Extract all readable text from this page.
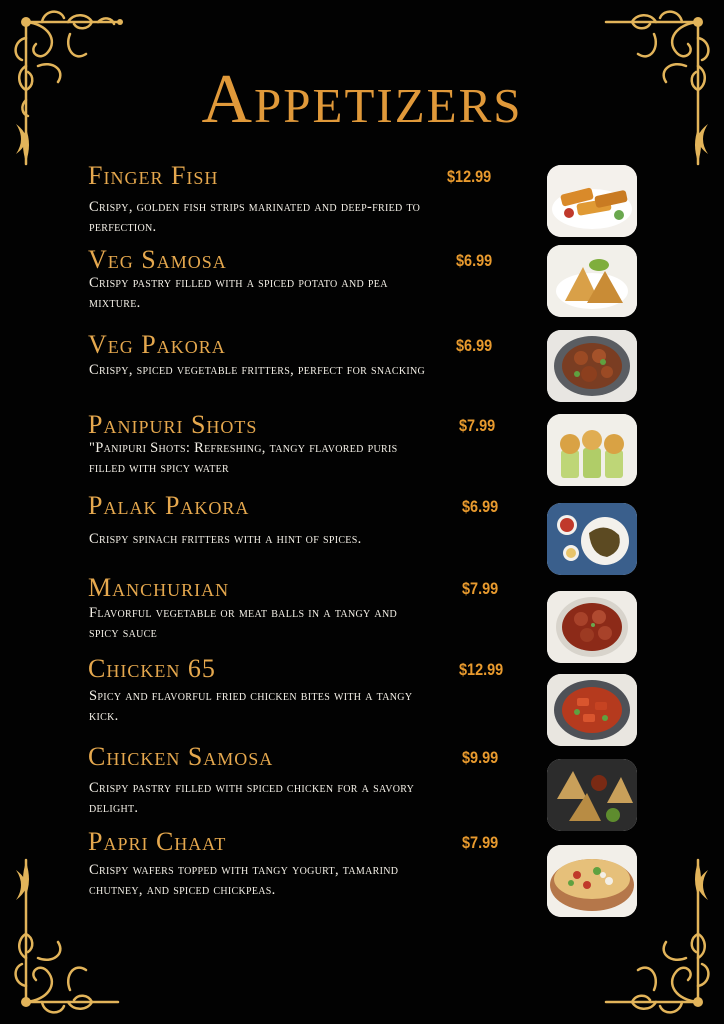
Appetizers
Finger Fish	$12.99
Crispy, golden fish strips marinated and deep-fried to perfection.
Veg Samosa	$6.99
Crispy pastry filled with a spiced potato and pea mixture.
Veg Pakora	$6.99
Crispy, spiced vegetable fritters, perfect for snacking
Panipuri Shots	$7.99
"Panipuri Shots: Refreshing, tangy flavored puris filled with spicy water
Palak Pakora	$6.99
Crispy spinach fritters with a hint of spices.
Manchurian	$7.99
Flavorful vegetable or meat balls in a tangy and spicy sauce
Chicken 65	$12.99
Spicy and flavorful fried chicken bites with a tangy kick.
Chicken Samosa	$9.99
Crispy pastry filled with spiced chicken for a savory delight.
Papri Chaat	$7.99
Crispy wafers topped with tangy yogurt, tamarind chutney, and spiced chickpeas.
